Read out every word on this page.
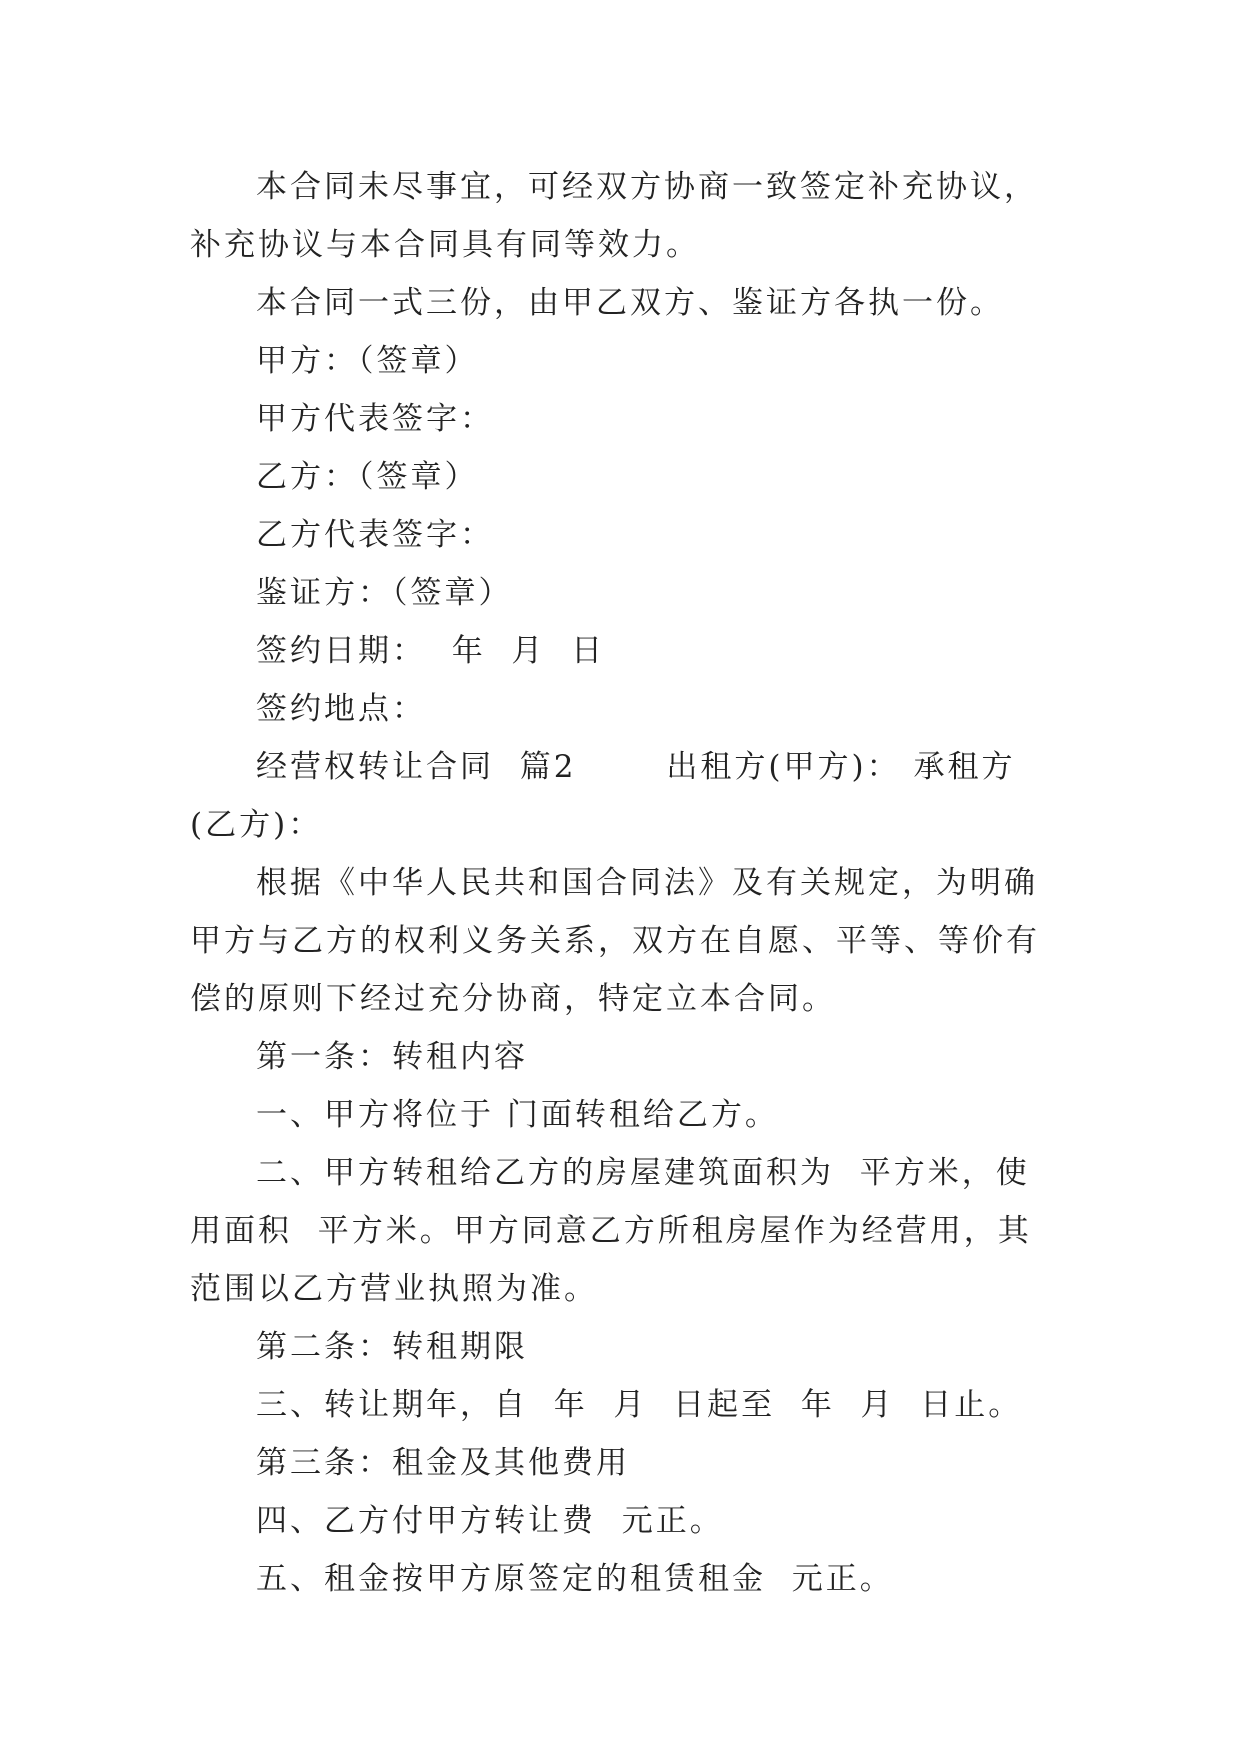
本合同未尽事宜，可经双方协商一致签定补充协议，补充协议与本合同具有同等效力。

本合同一式三份，由甲乙双方、鉴证方各执一份。

甲方：（签章）

甲方代表签字：

乙方：（签章）

乙方代表签字：

鉴证方：（签章）

签约日期：  年  月  日

签约地点：

经营权转让合同  篇2       出租方(甲方)： 承租方(乙方)：

根据《中华人民共和国合同法》及有关规定，为明确甲方与乙方的权利义务关系，双方在自愿、平等、等价有偿的原则下经过充分协商，特定立本合同。

第一条：转租内容

一、甲方将位于 门面转租给乙方。

二、甲方转租给乙方的房屋建筑面积为  平方米，使用面积  平方米。甲方同意乙方所租房屋作为经营用，其范围以乙方营业执照为准。

第二条：转租期限

三、转让期年，自  年  月  日起至  年  月  日止。

第三条：租金及其他费用

四、乙方付甲方转让费  元正。

五、租金按甲方原签定的租赁租金  元正。
